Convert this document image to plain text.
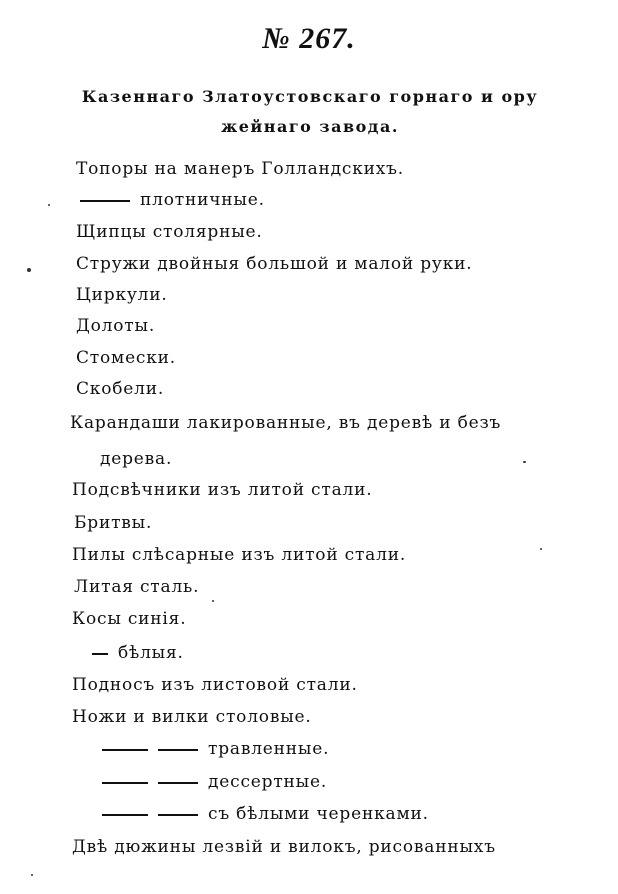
№ 267.
Казеннаго Златоустовскаго горнаго и ору
жейнаго завода.
Топоры на манеръ Голландскихъ.
плотничные.
Щипцы столярные.
Стружи двойныя большой и малой руки.
Циркули.
Долоты.
Стомески.
Скобели.
Карандаши лакированные, въ деревѣ и безъ
дерева.
Подсвѣчники изъ литой стали.
Бритвы.
Пилы слѣсарные изъ литой стали.
Литая сталь.
Косы синія.
бѣлыя.
Подносъ изъ листовой стали.
Ножи и вилки столовые.
травленные.
дессертные.
съ бѣлыми черенками.
Двѣ дюжины лезвій и вилокъ, рисованныхъ
